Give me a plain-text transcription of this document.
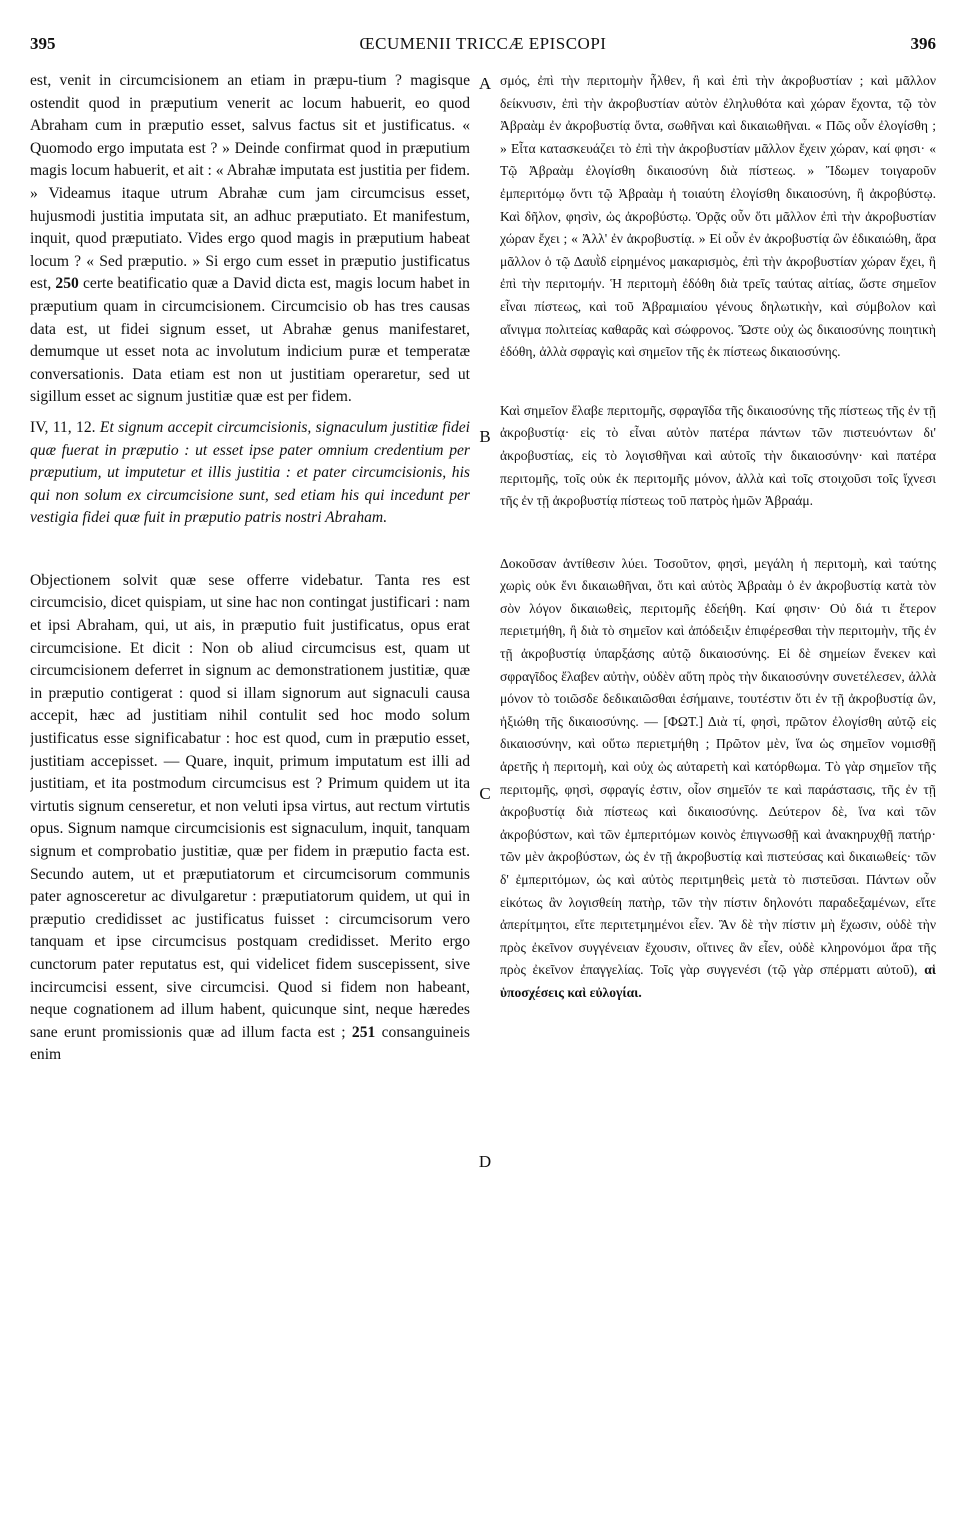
395	ŒCUMENII TRICCÆ EPISCOPI	396

est, venit in circumcisionem an etiam in præpu-tium ? magisque ostendit quod in præputium venerit ac locum habuerit, eo quod Abraham cum in præputio esset, salvus factus sit et justificatus. « Quomodo ergo imputata est ? » Deinde confirmat quod in præputium magis locum habuerit, et ait : « Abrahæ imputata est justitia per fidem. » Videamus itaque utrum Abrahæ cum jam circumcisus esset, hujusmodi justitia imputata sit, an adhuc præputiato. Et manifestum, inquit, quod præputiato. Vides ergo quod magis in præputium habeat locum ? « Sed præputio. » Si ergo cum esset in præputio justificatus est, 250 certe beatificatio quæ a David dicta est, magis locum habet in præputium quam in circumcisionem. Circumcisio ob has tres causas data est, ut fidei signum esset, ut Abrahæ genus manifestaret, demumque ut esset nota ac involutum indicium puræ et temperatæ conversationis. Data etiam est non ut justitiam operaretur, sed ut sigillum esset ac signum justitiæ quæ est per fidem.

IV, 11, 12. Et signum accepit circumcisionis, signaculum justitiæ fidei quæ fuerat in præputio : ut esset ipse pater omnium credentium per præputium, ut imputetur et illis justitia : et pater circumcisionis, his qui non solum ex circumcisione sunt, sed etiam his qui incedunt per vestigia fidei quæ fuit in præputio patris nostri Abraham.

Objectionem solvit quæ sese offerre videbatur. Tanta res est circumcisio, dicet quispiam, ut sine hac non contingat justificari : nam et ipsi Abraham, qui, ut ais, in præputio fuit justificatus, opus erat circumcisione. Et dicit : Non ob aliud circumcisus est, quam ut circumcisionem deferret in signum ac demonstrationem justitiæ, quæ in præputio contigerat : quod si illam signorum aut signaculi causa accepit, hæc ad justitiam nihil contulit sed hoc modo solum justificatus esse significabatur : hoc est quod, cum in præputio esset, justitiam accepisset. — Quare, inquit, primum imputatum est illi ad justitiam, et ita postmodum circumcisus est ? Primum quidem ut ita virtutis signum censeretur, et non veluti ipsa virtus, aut rectum virtutis opus. Signum namque circumcisionis est signaculum, inquit, tanquam signum et comprobatio justitiæ, quæ per fidem in præputio facta est. Secundo autem, ut et præputiatorum et circumcisorum communis pater agnosceretur ac divulgaretur : præputiatorum quidem, ut qui in præputio credidisset ac justificatus fuisset : circumcisorum vero tanquam et ipse circumcisus postquam credidisset. Merito ergo cunctorum pater reputatus est, qui videlicet fidem suscepissent, sive incircumcisi essent, sive circumcisi. Quod si fidem non habeant, neque cognationem ad illum habent, quicunque sint, neque hæredes sane erunt promissionis quæ ad illum facta est ; 251 consanguineis enim

A
B
C
D

σμός, ἐπὶ τὴν περιτομὴν ἦλθεν, ἢ καὶ ἐπὶ τὴν ἀκροβυστίαν ; καὶ μᾶλλον δείκνυσιν, ἐπὶ τὴν ἀκροβυστίαν αὐτὸν ἐληλυθότα καὶ χώραν ἔχοντα, τῷ τὸν Ἀβραὰμ ἐν ἀκροβυστίᾳ ὄντα, σωθῆναι καὶ δικαιωθῆναι. « Πῶς οὖν ἐλογίσθη ; » Εἶτα κατασκευάζει τὸ ἐπὶ τὴν ἀκροβυστίαν μᾶλλον ἔχειν χώραν, καί φησι· « Τῷ Ἀβραὰμ ἐλογίσθη δικαιοσύνη διὰ πίστεως. » Ἴδωμεν τοιγαροῦν ἐμπεριτόμῳ ὄντι τῷ Ἀβραὰμ ἡ τοιαύτη ἐλογίσθη δικαιοσύνη, ἢ ἀκροβύστῳ. Καὶ δῆλον, φησὶν, ὡς ἀκροβύστῳ. Ὁρᾷς οὖν ὅτι μᾶλλον ἐπὶ τὴν ἀκροβυστίαν χώραν ἔχει ; « Ἀλλ' ἐν ἀκροβυστίᾳ. » Εἰ οὖν ἐν ἀκροβυστίᾳ ὢν ἐδικαιώθη, ἄρα μᾶλλον ὁ τῷ Δαυῒδ εἰρημένος μακαρισμὸς, ἐπὶ τὴν ἀκροβυστίαν χώραν ἔχει, ἢ ἐπὶ τὴν περιτομήν. Ἡ περιτομὴ ἐδόθη διὰ τρεῖς ταύτας αἰτίας, ὥστε σημεῖον εἶναι πίστεως, καὶ τοῦ Ἀβραμιαίου γένους δηλωτικὴν, καὶ σύμβολον καὶ αἴνιγμα πολιτείας καθαρᾶς καὶ σώφρονος. Ὥστε οὐχ ὡς δικαιοσύνης ποιητικὴ ἐδόθη, ἀλλὰ σφραγὶς καὶ σημεῖον τῆς ἐκ πίστεως δικαιοσύνης.

Καὶ σημεῖον ἔλαβε περιτομῆς, σφραγῖδα τῆς δικαιοσύνης τῆς πίστεως τῆς ἐν τῇ ἀκροβυστίᾳ· εἰς τὸ εἶναι αὐτὸν πατέρα πάντων τῶν πιστευόντων δι' ἀκροβυστίας, εἰς τὸ λογισθῆναι καὶ αὐτοῖς τὴν δικαιοσύνην· καὶ πατέρα περιτομῆς, τοῖς οὐκ ἐκ περιτομῆς μόνον, ἀλλὰ καὶ τοῖς στοιχοῦσι τοῖς ἴχνεσι τῆς ἐν τῇ ἀκροβυστίᾳ πίστεως τοῦ πατρὸς ἡμῶν Ἀβραάμ.

Δοκοῦσαν ἀντίθεσιν λύει. Τοσοῦτον, φησὶ, μεγάλη ἡ περιτομὴ, καὶ ταύτης χωρὶς οὐκ ἔνι δικαιωθῆναι, ὅτι καὶ αὐτὸς Ἀβραὰμ ὁ ἐν ἀκροβυστίᾳ κατὰ τὸν σὸν λόγον δικαιωθεὶς, περιτομῆς ἐδεήθη. Καί φησιν· Οὐ διά τι ἕτερον περιετμήθη, ἢ διὰ τὸ σημεῖον καὶ ἀπόδειξιν ἐπιφέρεσθαι τὴν περιτομὴν, τῆς ἐν τῇ ἀκροβυστίᾳ ὑπαρξάσης αὐτῷ δικαιοσύνης. Εἰ δὲ σημείων ἕνεκεν καὶ σφραγῖδος ἔλαβεν αὐτὴν, οὐδὲν αὕτη πρὸς τὴν δικαιοσύνην συνετέλεσεν, ἀλλὰ μόνον τὸ τοιῶσδε δεδικαιῶσθαι ἐσήμαινε, τουτέστιν ὅτι ἐν τῇ ἀκροβυστίᾳ ὢν, ἠξιώθη τῆς δικαιοσύνης. — [ΦΩΤ.] Διὰ τί, φησὶ, πρῶτον ἐλογίσθη αὐτῷ εἰς δικαιοσύνην, καὶ οὕτω περιετμήθη ; Πρῶτον μὲν, ἵνα ὡς σημεῖον νομισθῇ ἀρετῆς ἡ περιτομὴ, καὶ οὐχ ὡς αὐταρετὴ καὶ κατόρθωμα. Τὸ γὰρ σημεῖον τῆς περιτομῆς, φησὶ, σφραγίς ἐστιν, οἷον σημεῖόν τε καὶ παράστασις, τῆς ἐν τῇ ἀκροβυστίᾳ διὰ πίστεως καὶ δικαιοσύνης. Δεύτερον δὲ, ἵνα καὶ τῶν ἀκροβύστων, καὶ τῶν ἐμπεριτόμων κοινὸς ἐπιγνωσθῇ καὶ ἀνακηρυχθῇ πατήρ· τῶν μὲν ἀκροβύστων, ὡς ἐν τῇ ἀκροβυστίᾳ καὶ πιστεύσας καὶ δικαιωθείς· τῶν δ' ἐμπεριτόμων, ὡς καὶ αὐτὸς περιτμηθεὶς μετὰ τὸ πιστεῦσαι. Πάντων οὖν εἰκότως ἂν λογισθείη πατὴρ, τῶν τὴν πίστιν δηλονότι παραδεξαμένων, εἴτε ἀπερίτμητοι, εἴτε περιτετμημένοι εἶεν. Ἂν δὲ τὴν πίστιν μὴ ἔχωσιν, οὐδὲ τὴν πρὸς ἐκεῖνον συγγένειαν ἔχουσιν, οἵτινες ἂν εἶεν, οὐδὲ κληρονόμοι ἄρα τῆς πρὸς ἐκεῖνον ἐπαγγελίας. Τοῖς γὰρ συγγενέσι (τῷ γὰρ σπέρματι αὐτοῦ), αἱ ὑποσχέσεις καὶ εὐλογίαι.
